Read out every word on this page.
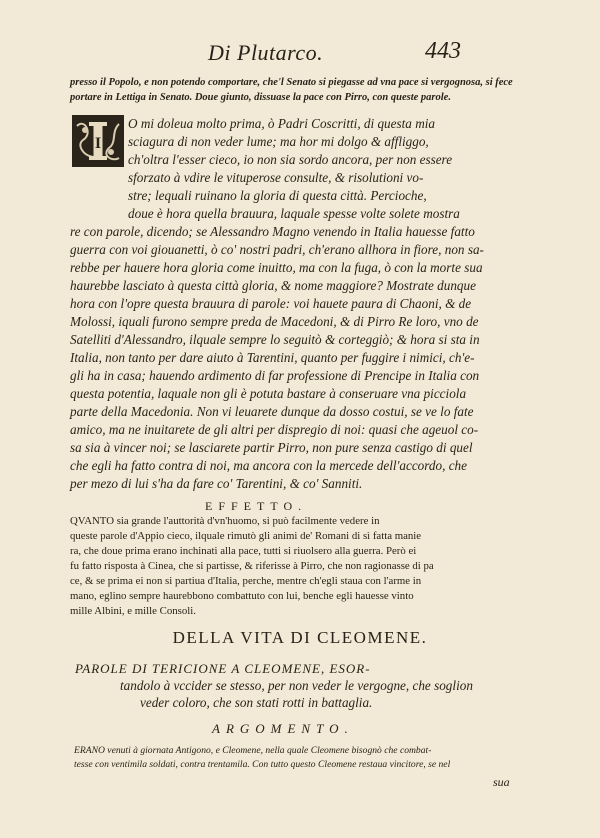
Di Plutarco.	443
presso il Popolo, e non potendo comportare, che'l Senato si piegasse ad vna pace si vergognosa, si fece
portare in Lettiga in Senato. Doue giunto, dissuase la pace con Pirro, con queste parole.
I
O mi doleua molto prima, ò Padri Coscritti, di questa mia
sciagura di non veder lume; ma hor mi dolgo & affliggo,
ch'oltra l'esser cieco, io non sia sordo ancora, per non essere
sforzato à vdire le vituperose consulte, & risolutioni vo-
stre; lequali ruinano la gloria di questa città. Percioche,
doue è hora quella brauura, laquale spesse volte solete mostra
re con parole, dicendo; se Alessandro Magno venendo in Italia hauesse fatto
guerra con voi giouanetti, ò co' nostri padri, ch'erano allhora in fiore, non sa-
rebbe per hauere hora gloria come inuitto, ma con la fuga, ò con la morte sua
haurebbe lasciato à questa città gloria, & nome maggiore? Mostrate dunque
hora con l'opre questa brauura di parole: voi hauete paura di Chaoni, & de
Molossi, iquali furono sempre preda de Macedoni, & di Pirro Re loro, vno de
Satelliti d'Alessandro, ilquale sempre lo seguitò & corteggiò; & hora si sta in
Italia, non tanto per dare aiuto à Tarentini, quanto per fuggire i nimici, ch'e-
gli ha in casa; hauendo ardimento di far professione di Prencipe in Italia con
questa potentia, laquale non gli è potuta bastare à conseruare vna picciola
parte della Macedonia. Non vi leuarete dunque da dosso costui, se ve lo fate
amico, ma ne inuitarete de gli altri per dispregio di noi: quasi che ageuol co-
sa sia à vincer noi; se lasciarete partir Pirro, non pure senza castigo di quel
che egli ha fatto contra di noi, ma ancora con la mercede dell'accordo, che
per mezo di lui s'ha da fare co' Tarentini, & co' Sanniti.
EFFETTO.
QVANTO sia grande l'auttorità d'vn'huomo, si può facilmente vedere in
queste parole d'Appio cieco, ilquale rimutò gli animi de' Romani di sì fatta manie
ra, che doue prima erano inchinati alla pace, tutti si riuolsero alla guerra. Però ei
fu fatto risposta à Cinea, che si partisse, & riferisse à Pirro, che non ragionasse di pa
ce, & se prima ei non si partiua d'Italia, perche, mentre ch'egli staua con l'arme in
mano, eglino sempre haurebbono combattuto con lui, benche egli hauesse vinto
mille Albini, e mille Consoli.
DELLA VITA DI CLEOMENE.
PAROLE DI TERICIONE A CLEOMENE, ESOR-
tandolo à vccider se stesso, per non veder le vergogne, che soglion
veder coloro, che son stati rotti in battaglia.
ARGOMENTO.
ERANO venuti à giornata Antigono, e Cleomene, nella quale Cleomene bisognò che combat-
tesse con ventimila soldati, contra trentamila. Con tutto questo Cleomene restaua vincitore, se nel
sua
